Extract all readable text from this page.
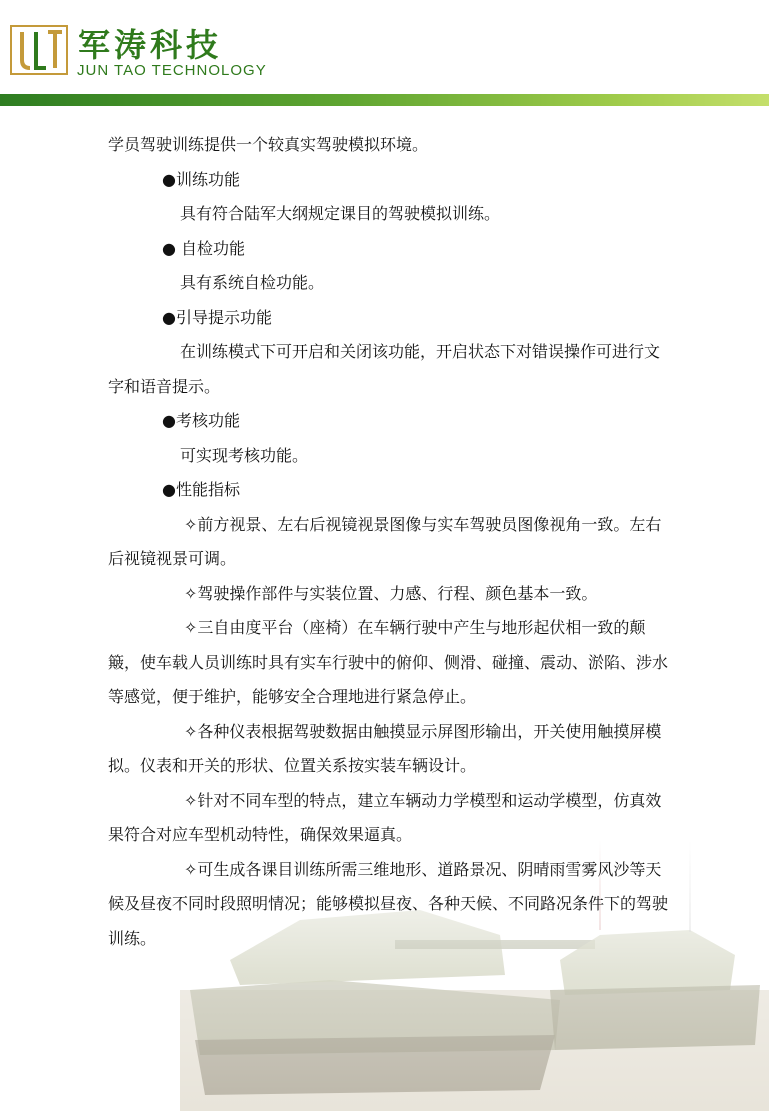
军涛科技
JUN TAO TECHNOLOGY

学员驾驶训练提供一个较真实驾驶模拟环境。

●训练功能

具有符合陆军大纲规定课目的驾驶模拟训练。

● 自检功能

具有系统自检功能。

●引导提示功能

在训练模式下可开启和关闭该功能，开启状态下对错误操作可进行文字和语音提示。

●考核功能

可实现考核功能。

●性能指标

✧前方视景、左右后视镜视景图像与实车驾驶员图像视角一致。左右后视镜视景可调。

✧驾驶操作部件与实装位置、力感、行程、颜色基本一致。

✧三自由度平台（座椅）在车辆行驶中产生与地形起伏相一致的颠簸，使车载人员训练时具有实车行驶中的俯仰、侧滑、碰撞、震动、淤陷、涉水等感觉，便于维护，能够安全合理地进行紧急停止。

✧各种仪表根据驾驶数据由触摸显示屏图形输出，开关使用触摸屏模拟。仪表和开关的形状、位置关系按实装车辆设计。

✧针对不同车型的特点，建立车辆动力学模型和运动学模型，仿真效果符合对应车型机动特性，确保效果逼真。

✧可生成各课目训练所需三维地形、道路景况、阴晴雨雪雾风沙等天候及昼夜不同时段照明情况；能够模拟昼夜、各种天候、不同路况条件下的驾驶训练。
